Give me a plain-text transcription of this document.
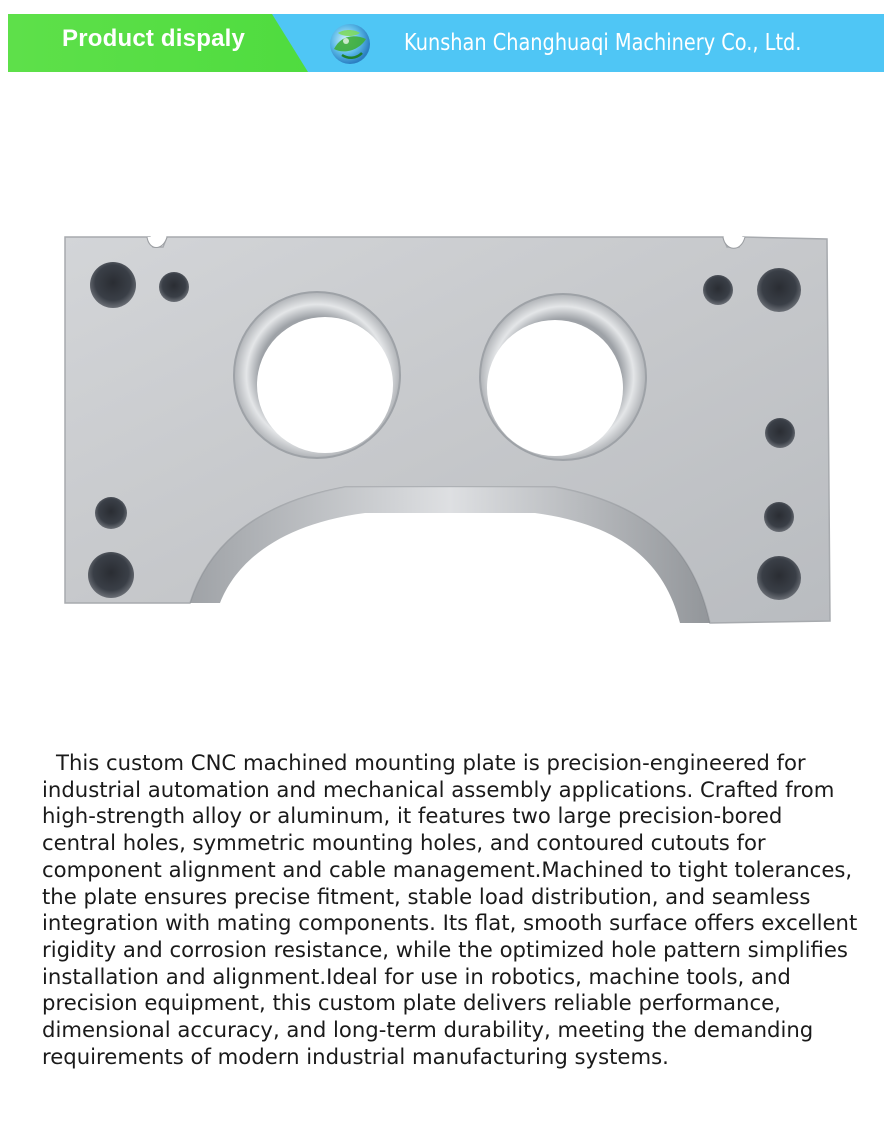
Product dispaly	Kunshan Changhuaqi Machinery Co., Ltd.

This custom CNC machined mounting plate is precision-engineered for industrial automation and mechanical assembly applications. Crafted from high-strength alloy or aluminum, it features two large precision-bored central holes, symmetric mounting holes, and contoured cutouts for component alignment and cable management.Machined to tight tolerances, the plate ensures precise fitment, stable load distribution, and seamless integration with mating components. Its flat, smooth surface offers excellent rigidity and corrosion resistance, while the optimized hole pattern simplifies installation and alignment.Ideal for use in robotics, machine tools, and precision equipment, this custom plate delivers reliable performance, dimensional accuracy, and long-term durability, meeting the demanding requirements of modern industrial manufacturing systems.
